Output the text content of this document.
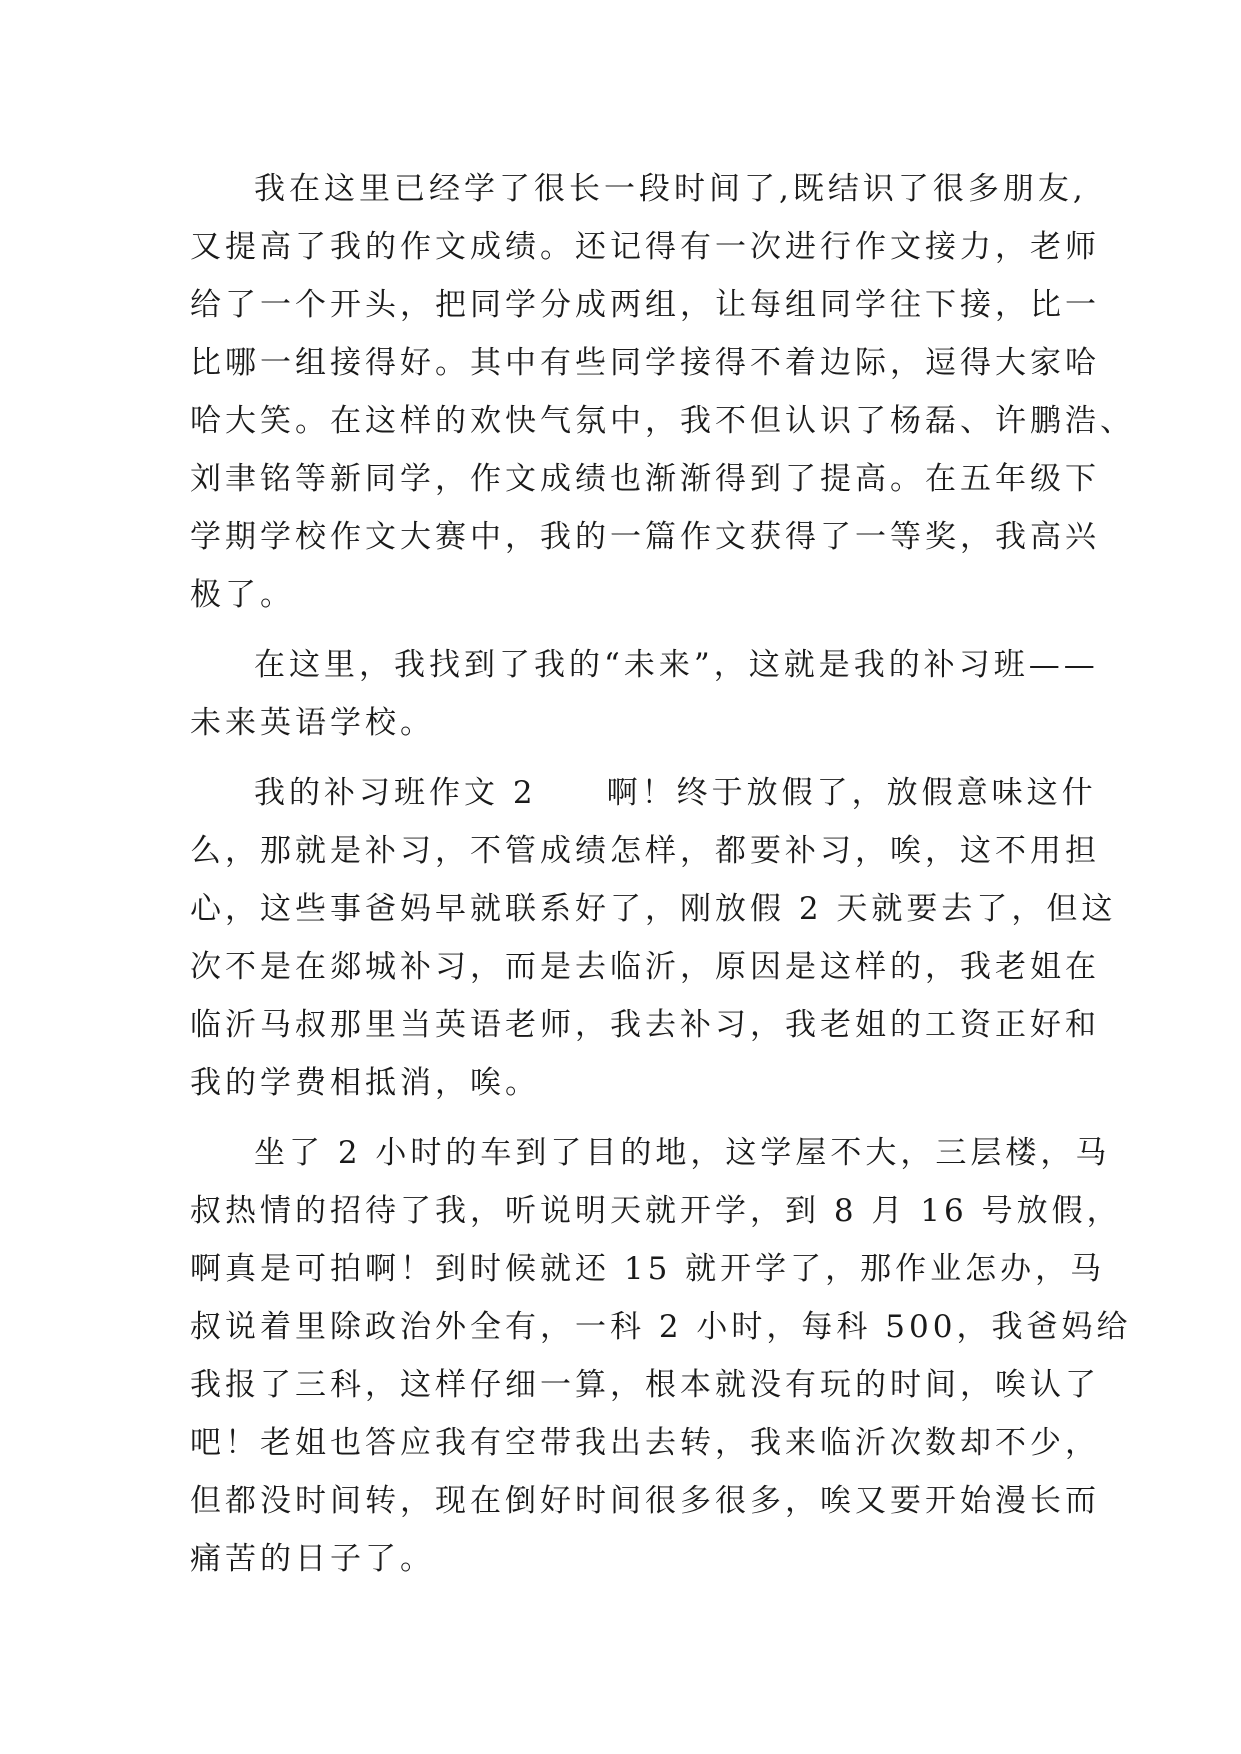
我在这里已经学了很长一段时间了,既结识了很多朋友,
又提高了我的作文成绩。还记得有一次进行作文接力，老师
给了一个开头，把同学分成两组，让每组同学往下接，比一
比哪一组接得好。其中有些同学接得不着边际，逗得大家哈
哈大笑。在这样的欢快气氛中，我不但认识了杨磊、许鹏浩、
刘聿铭等新同学，作文成绩也渐渐得到了提高。在五年级下
学期学校作文大赛中，我的一篇作文获得了一等奖，我高兴
极了。
在这里，我找到了我的“未来”，这就是我的补习班——
未来英语学校。
我的补习班作文 2　　啊！终于放假了，放假意味这什
么，那就是补习，不管成绩怎样，都要补习，唉，这不用担
心，这些事爸妈早就联系好了，刚放假 2 天就要去了，但这
次不是在郯城补习，而是去临沂，原因是这样的，我老姐在
临沂马叔那里当英语老师，我去补习，我老姐的工资正好和
我的学费相抵消，唉。
坐了 2 小时的车到了目的地，这学屋不大，三层楼，马
叔热情的招待了我，听说明天就开学，到 8 月 16 号放假，
啊真是可拍啊！到时候就还 15 就开学了，那作业怎办，马
叔说着里除政治外全有，一科 2 小时，每科 500，我爸妈给
我报了三科，这样仔细一算，根本就没有玩的时间，唉认了
吧！老姐也答应我有空带我出去转，我来临沂次数却不少，
但都没时间转，现在倒好时间很多很多，唉又要开始漫长而
痛苦的日子了。
